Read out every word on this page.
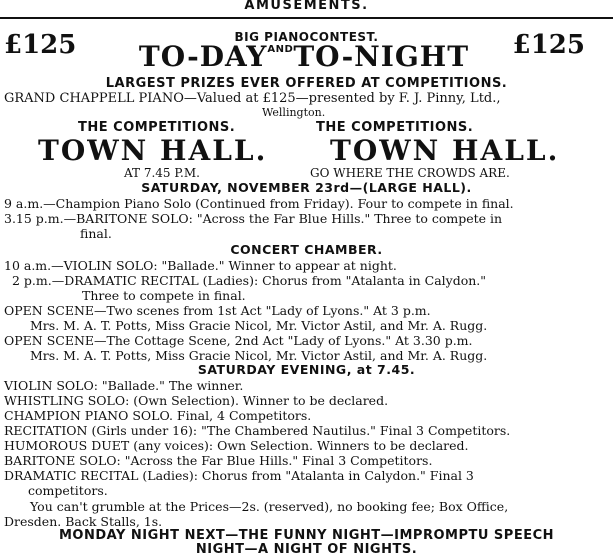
AMUSEMENTS.
£125	£125
BIG PIANOCONTEST.
$TO-DAY^{AND}TO$-NIGHT
LARGEST PRIZES EVER OFFERED AT COMPETITIONS.
GRAND CHAPPELL PIANO—Valued at £125—presented by F. J. Pinny, Ltd.,
Wellington.
THE COMPETITIONS.	THE COMPETITIONS.
TOWN HALL. TOWN HALL.
AT 7.45 P.M.	GO WHERE THE CROWDS ARE.
SATURDAY, NOVEMBER 23rd—(LARGE HALL).
9 a.m.—Champion Piano Solo (Continued from Friday). Four to compete in final.
3.15 p.m.—BARITONE SOLO: "Across the Far Blue Hills." Three to compete in
final.
CONCERT CHAMBER.
10 a.m.—VIOLIN SOLO: "Ballade." Winner to appear at night.
2 p.m.—DRAMATIC RECITAL (Ladies): Chorus from "Atalanta in Calydon."
Three to compete in final.
OPEN SCENE—Two scenes from 1st Act "Lady of Lyons." At 3 p.m.
Mrs. M. A. T. Potts, Miss Gracie Nicol, Mr. Victor Astil, and Mr. A. Rugg.
OPEN SCENE—The Cottage Scene, 2nd Act "Lady of Lyons." At 3.30 p.m.
Mrs. M. A. T. Potts, Miss Gracie Nicol, Mr. Victor Astil, and Mr. A. Rugg.
SATURDAY EVENING, at 7.45.
VIOLIN SOLO: "Ballade." The winner.
WHISTLING SOLO: (Own Selection). Winner to be declared.
CHAMPION PIANO SOLO. Final, 4 Competitors.
RECITATION (Girls under 16): "The Chambered Nautilus." Final 3 Competitors.
HUMOROUS DUET (any voices): Own Selection. Winners to be declared.
BARITONE SOLO: "Across the Far Blue Hills." Final 3 Competitors.
DRAMATIC RECITAL (Ladies): Chorus from "Atalanta in Calydon." Final 3
competitors.
You can't grumble at the Prices—2s. (reserved), no booking fee; Box Office,
Dresden. Back Stalls, 1s.
MONDAY NIGHT NEXT—THE FUNNY NIGHT—IMPROMPTU SPEECH
NIGHT—A NIGHT OF NIGHTS.
